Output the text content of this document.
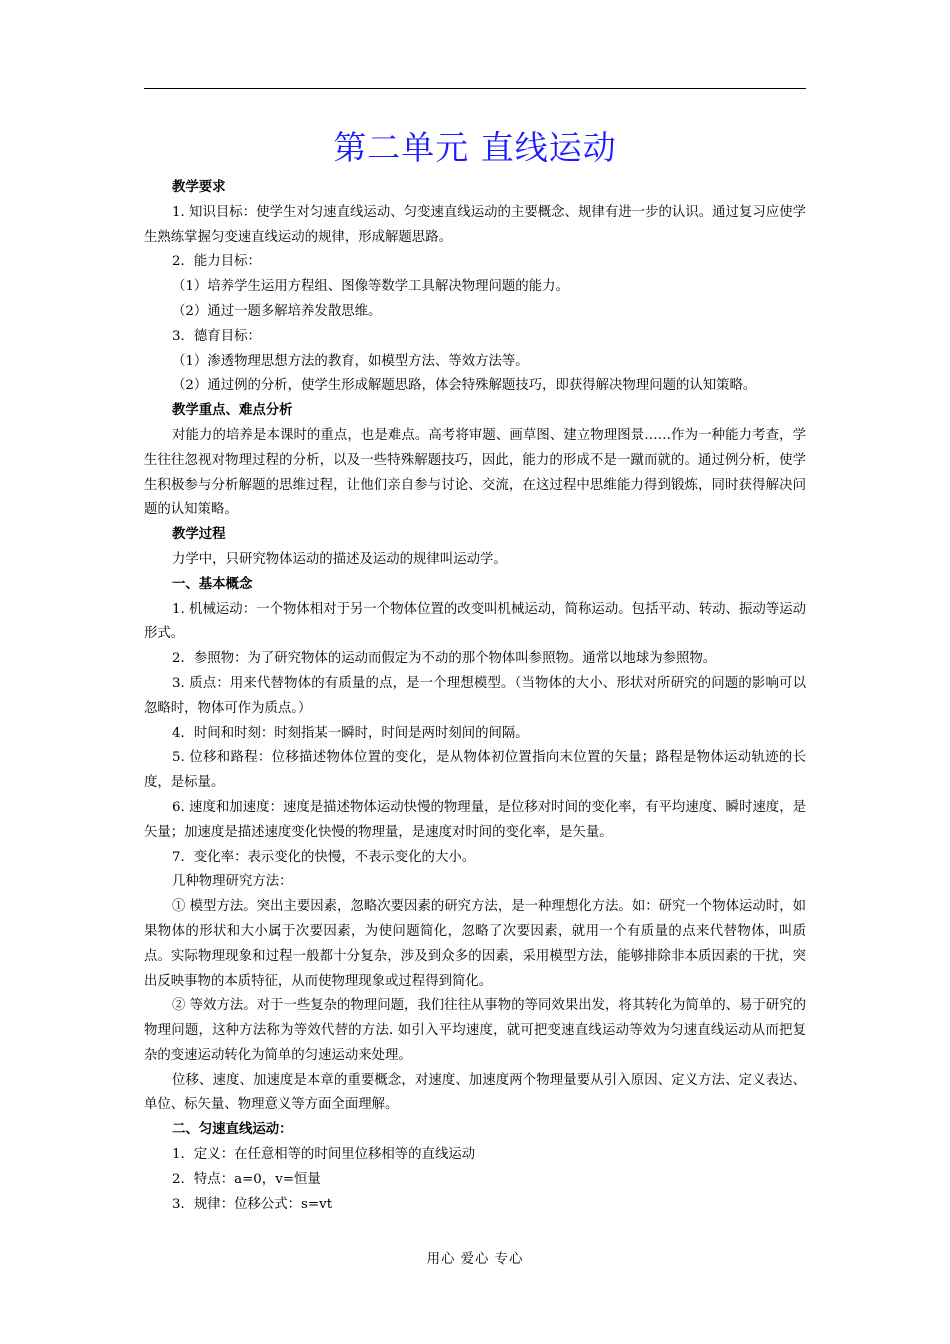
第二单元 直线运动

教学要求

1. 知识目标：使学生对匀速直线运动、匀变速直线运动的主要概念、规律有进一步的认识。通过复习应使学生熟练掌握匀变速直线运动的规律，形成解题思路。

2．能力目标：

（1）培养学生运用方程组、图像等数学工具解决物理问题的能力。

（2）通过一题多解培养发散思维。

3．德育目标：

（1）渗透物理思想方法的教育，如模型方法、等效方法等。

（2）通过例的分析，使学生形成解题思路，体会特殊解题技巧，即获得解决物理问题的认知策略。

教学重点、难点分析

对能力的培养是本课时的重点，也是难点。高考将审题、画草图、建立物理图景……作为一种能力考查，学生往往忽视对物理过程的分析，以及一些特殊解题技巧，因此，能力的形成不是一蹴而就的。通过例分析，使学生积极参与分析解题的思维过程，让他们亲自参与讨论、交流，在这过程中思维能力得到锻炼，同时获得解决问题的认知策略。

教学过程

力学中，只研究物体运动的描述及运动的规律叫运动学。

一、基本概念

1. 机械运动：一个物体相对于另一个物体位置的改变叫机械运动，简称运动。包括平动、转动、振动等运动形式。

2．参照物：为了研究物体的运动而假定为不动的那个物体叫参照物。通常以地球为参照物。

3. 质点：用来代替物体的有质量的点，是一个理想模型。（当物体的大小、形状对所研究的问题的影响可以忽略时，物体可作为质点。）

4．时间和时刻：时刻指某一瞬时，时间是两时刻间的间隔。

5. 位移和路程：位移描述物体位置的变化，是从物体初位置指向末位置的矢量；路程是物体运动轨迹的长度，是标量。

6. 速度和加速度：速度是描述物体运动快慢的物理量，是位移对时间的变化率，有平均速度、瞬时速度，是矢量；加速度是描述速度变化快慢的物理量，是速度对时间的变化率，是矢量。

7．变化率：表示变化的快慢，不表示变化的大小。

几种物理研究方法：

① 模型方法。突出主要因素，忽略次要因素的研究方法，是一种理想化方法。如：研究一个物体运动时，如果物体的形状和大小属于次要因素，为使问题简化，忽略了次要因素，就用一个有质量的点来代替物体，叫质点。实际物理现象和过程一般都十分复杂，涉及到众多的因素，采用模型方法，能够排除非本质因素的干扰，突出反映事物的本质特征，从而使物理现象或过程得到简化。

② 等效方法。对于一些复杂的物理问题，我们往往从事物的等同效果出发，将其转化为简单的、易于研究的物理问题，这种方法称为等效代替的方法. 如引入平均速度，就可把变速直线运动等效为匀速直线运动从而把复杂的变速运动转化为简单的匀速运动来处理。

位移、速度、加速度是本章的重要概念，对速度、加速度两个物理量要从引入原因、定义方法、定义表达、单位、标矢量、物理意义等方面全面理解。

二、匀速直线运动：

1．定义：在任意相等的时间里位移相等的直线运动

2．特点：a=0，v=恒量

3．规律：位移公式：s=vt

用心 爱心 专心
